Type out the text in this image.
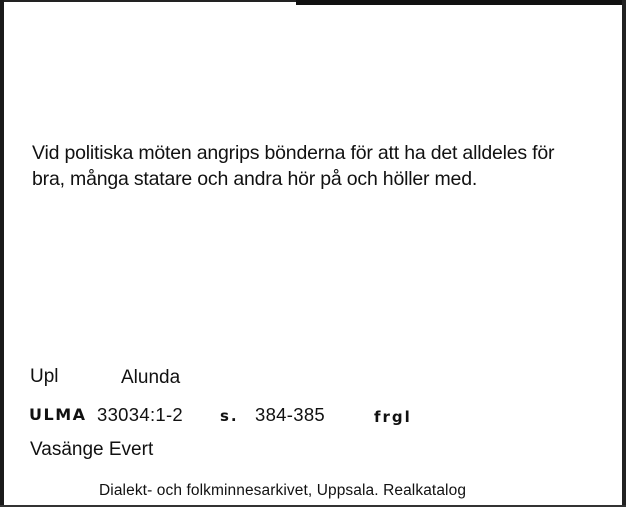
Vid politiska möten angrips bönderna för att ha det alldeles för
bra, många statare och andra hör på och höller med.
Upl	Alunda
ULMA 33034:1-2 s. 384-385	frgl
Vasänge Evert
Dialekt- och folkminnesarkivet, Uppsala. Realkatalog
